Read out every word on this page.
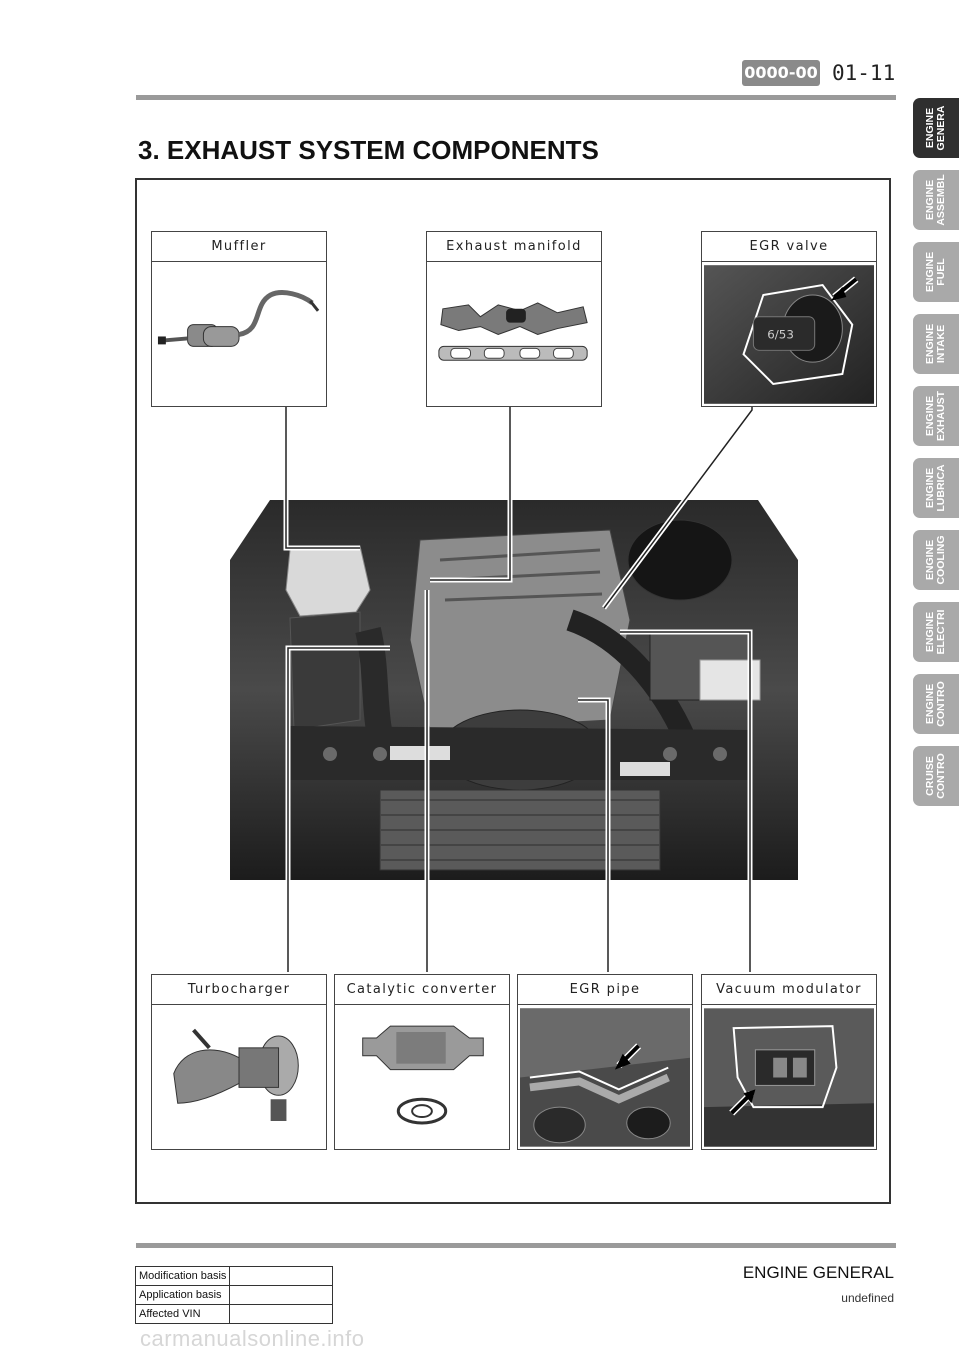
0000-00 01-11
3. EXHAUST SYSTEM COMPONENTS
Muffler	Exhaust manifold	EGR valve
6/53
Turbocharger	Catalytic converter	EGR pipe	Vacuum modulator
ENGINE
GENERA
ENGINE
ASSEMBL
ENGINE
FUEL
ENGINE
INTAKE
ENGINE
EXHAUST
ENGINE
LUBRICA
ENGINE
COOLING
ENGINE
ELECTRI
ENGINE
CONTRO
CRUISE
CONTRO
ENGINE GENERAL
undefined
Modification basis	
Application basis	
Affected VIN	
carmanualsonline.info
